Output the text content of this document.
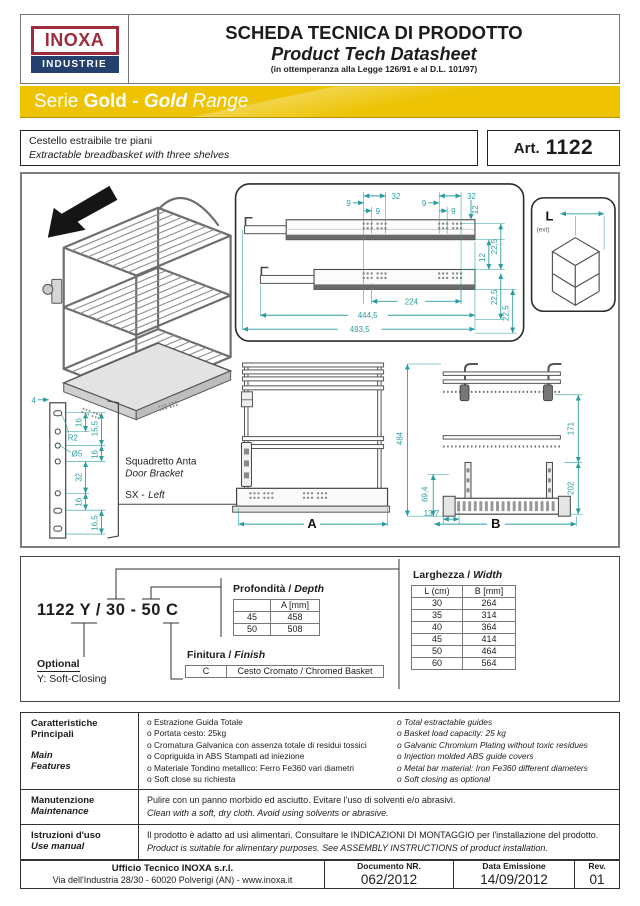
INOXA
INDUSTRIE
SCHEDA TECNICA DI PRODOTTO
Product Tech Datasheet
(in ottemperanza alla Legge 126/91 e al D.L. 101/97)
Serie Gold - Gold Range
Cestello estraibile tre piani
Extractable breadbasket with three shelves	Art. 1122
32
9
9
32
9
9 12
12
22,5
22,5
22,5
224
444,5
493,5
L
(ext)
4
16
32
16
15,5
16
16,5
R2
Ø5
Squadretto Anta
Door Bracket
SX - Left
A
484
171
202
69,4
13,7
B
1122 Y / 30 - 50 C
Optional
Y: Soft-Closing
Profondità / Depth
	A [mm]
45	458
50	508
Finitura / Finish
C	Cesto Cromato / Chromed Basket
Larghezza / Width
L (cm)	B [mm]
30	264
35	314
40	364
45	414
50	464
60	564
Caratteristiche
Principali
Main
Features
o Estrazione Guida Totale
o Portata cesto: 25kg
o Cromatura Galvanica con assenza totale di residui tossici
o Copriguida in ABS Stampati ad iniezione
o Materiale Tondino metallico: Ferro Fe360 vari diametri
o Soft close su richiesta
o Total estractable guides
o Basket load capacity: 25 kg
o Galvanic Chromium Plating without toxic residues
o Injection molded ABS guide covers
o Metal bar material: Iron Fe360 different diameters
o Soft closing as optional
Manutenzione
Maintenance
Pulire con un panno morbido ed asciutto. Evitare l'uso di solventi e/o abrasivi.
Clean with a soft, dry cloth. Avoid using solvents or abrasive.
Istruzioni d'uso
Use manual
Il prodotto è adatto ad usi alimentari. Consultare le INDICAZIONI DI MONTAGGIO per l'installazione del prodotto.
Product is suitable for alimentary purposes. See ASSEMBLY INSTRUCTIONS of product installation.
Ufficio Tecnico INOXA s.r.l.
Via dell'Industria 28/30 - 60020 Polverigi (AN) - www.inoxa.it
Documento NR.
062/2012
Data Emissione
14/09/2012
Rev.
01
